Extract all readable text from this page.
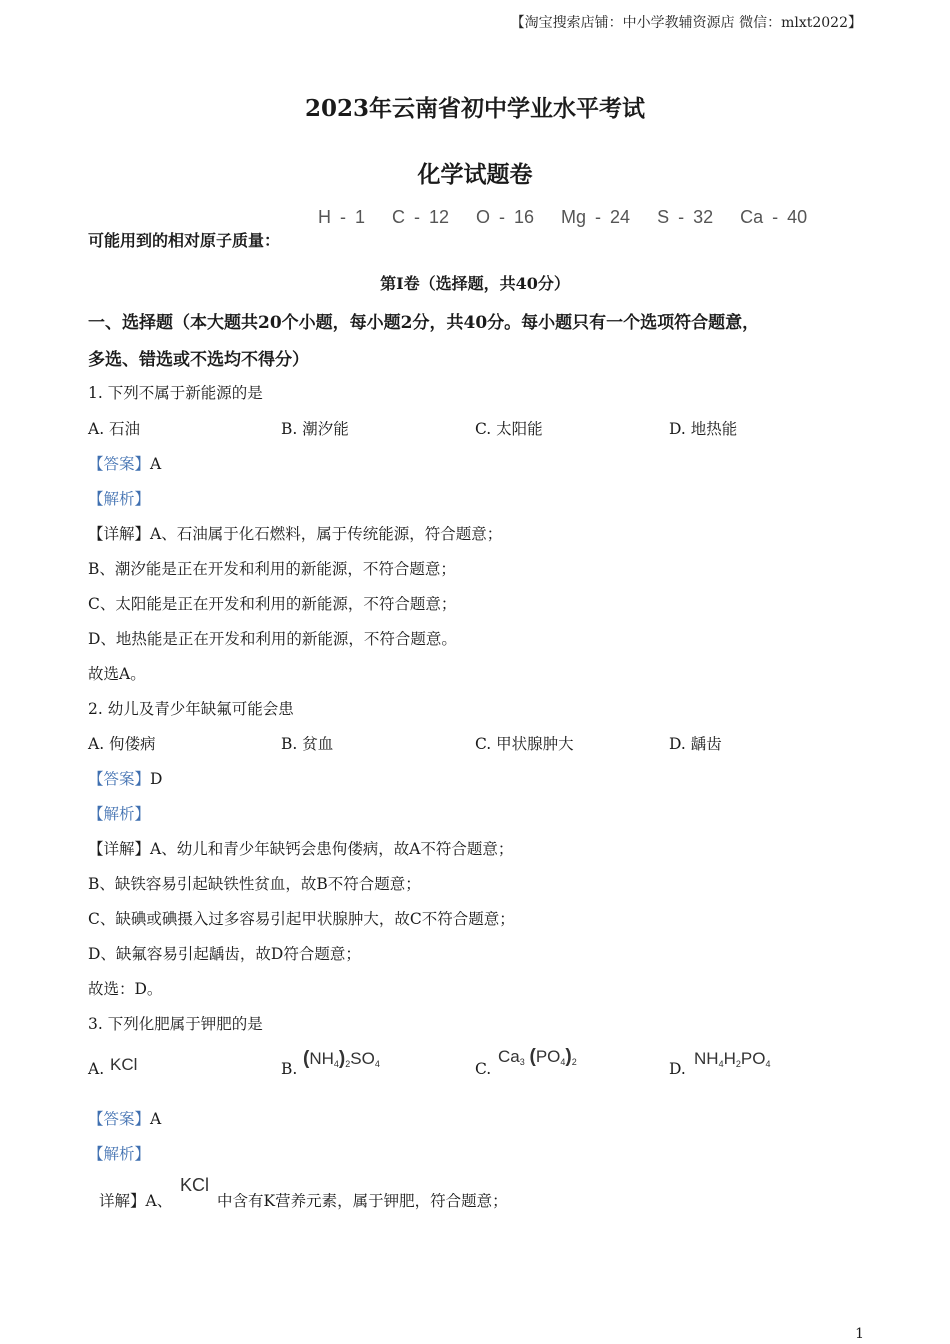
【淘宝搜索店铺：中小学教辅资源店 微信：mlxt2022】
2023年云南省初中学业水平考试
化学试题卷
可能用到的相对原子质量：
H - 1   C - 12   O - 16   Mg - 24   S - 32   Ca - 40
第Ⅰ卷（选择题，共40分）
一、选择题（本大题共20个小题，每小题2分，共40分。每小题只有一个选项符合题意，
多选、错选或不选均不得分）
1. 下列不属于新能源的是
A. 石油	B. 潮汐能	C. 太阳能	D. 地热能
【答案】A
【解析】
【详解】A、石油属于化石燃料，属于传统能源，符合题意；
B、潮汐能是正在开发和利用的新能源，不符合题意；
C、太阳能是正在开发和利用的新能源，不符合题意；
D、地热能是正在开发和利用的新能源，不符合题意。
故选A。
2. 幼儿及青少年缺氟可能会患
A. 佝偻病	B. 贫血	C. 甲状腺肿大	D. 龋齿
【答案】D
【解析】
【详解】A、幼儿和青少年缺钙会患佝偻病，故A不符合题意；
B、缺铁容易引起缺铁性贫血，故B不符合题意；
C、缺碘或碘摄入过多容易引起甲状腺肿大，故C不符合题意；
D、缺氟容易引起龋齿，故D符合题意；
故选：D。
3. 下列化肥属于钾肥的是
A. KCl	B. $(NH_4)_2SO_4$	C.
$Ca_3$ $(PO_4)_2$	D.
$NH_4H_2PO_4$
【答案】A
【解析】
详解】A、
KCl
中含有K营养元素，属于钾肥，符合题意；
1
